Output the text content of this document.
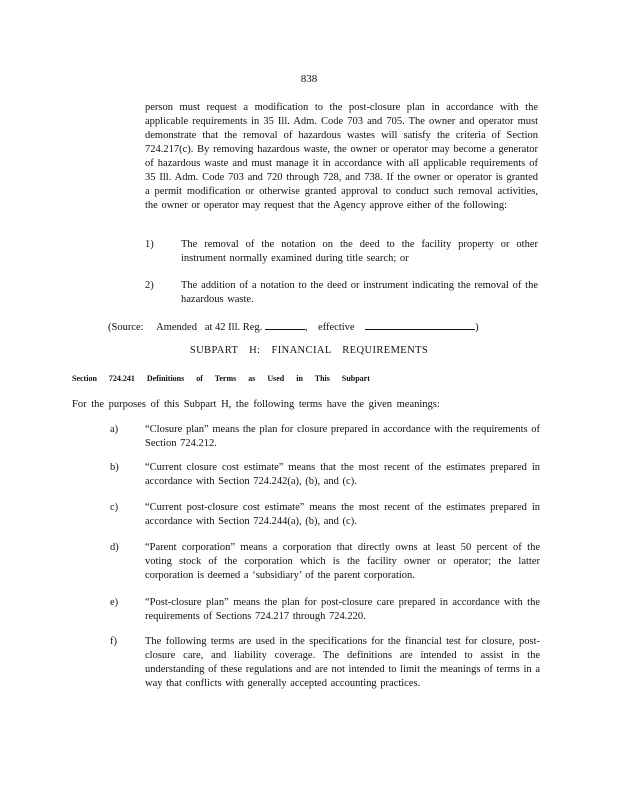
838
person must request a modification to the post-closure plan in accordance with the applicable requirements in 35 Ill. Adm. Code 703 and 705. The owner and operator must demonstrate that the removal of hazardous wastes will satisfy the criteria of Section 724.217(c). By removing hazardous waste, the owner or operator may become a generator of hazardous waste and must manage it in accordance with all applicable requirements of 35 Ill. Adm. Code 703 and 720 through 728, and 738. If the owner or operator is granted a permit modification or otherwise granted approval to conduct such removal activities, the owner or operator may request that the Agency approve either of the following:
1)	The removal of the notation on the deed to the facility property or other instrument normally examined during title search; or
2)	The addition of a notation to the deed or instrument indicating the removal of the hazardous waste.
(Source: Amended at 42 Ill. Reg.	,    effective	)
SUBPART H: FINANCIAL REQUIREMENTS
Section 724.241 Definitions of Terms as Used in This Subpart
For the purposes of this Subpart H, the following terms have the given meanings:
a)	“Closure plan” means the plan for closure prepared in accordance with the requirements of Section 724.212.
b)	“Current closure cost estimate” means that the most recent of the estimates prepared in accordance with Section 724.242(a), (b), and (c).
c)	“Current post-closure cost estimate” means the most recent of the estimates prepared in accordance with Section 724.244(a), (b), and (c).
d)	“Parent corporation” means a corporation that directly owns at least 50 percent of the voting stock of the corporation which is the facility owner or operator; the latter corporation is deemed a ‘subsidiary’ of the parent corporation.
e)	“Post-closure plan” means the plan for post-closure care prepared in accordance with the requirements of Sections 724.217 through 724.220.
f)	The following terms are used in the specifications for the financial test for closure, post-closure care, and liability coverage. The definitions are intended to assist in the understanding of these regulations and are not intended to limit the meanings of terms in a way that conflicts with generally accepted accounting practices.
